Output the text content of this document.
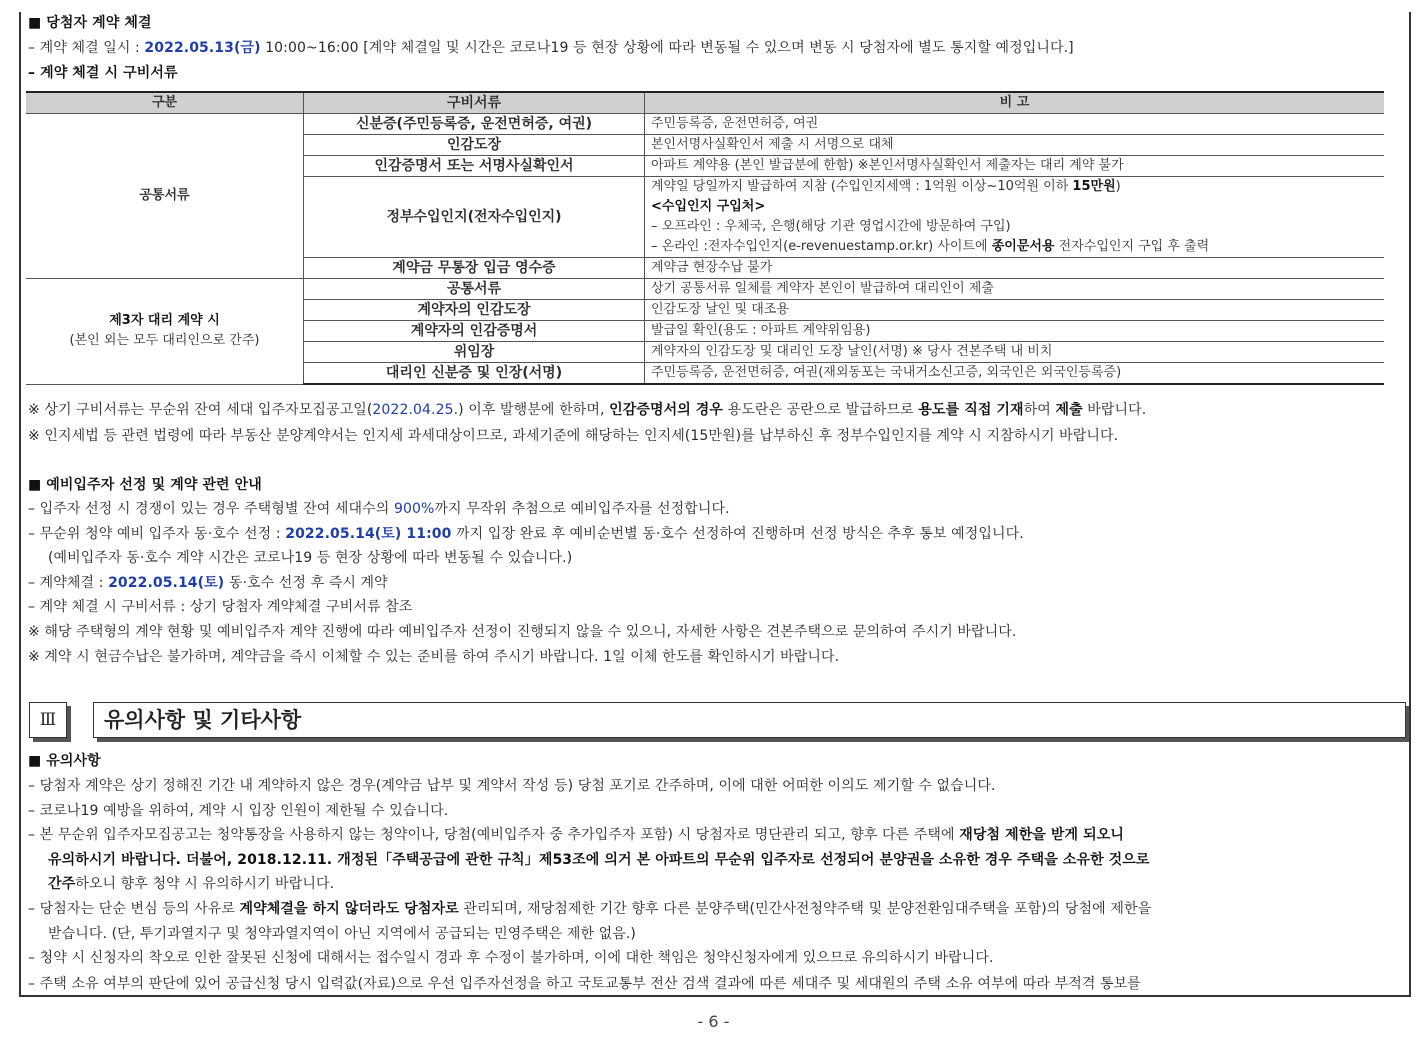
■ 당첨자 계약 체결
– 계약 체결 일시 : 2022.05.13(금) 10:00~16:00 [계약 체결일 및 시간은 코로나19 등 현장 상황에 따라 변동될 수 있으며 변동 시 당첨자에 별도 통지할 예정입니다.]
– 계약 체결 시 구비서류
구분	구비서류	비 고
공통서류	신분증(주민등록증, 운전면허증, 여권)	주민등록증, 운전면허증, 여권
	인감도장	본인서명사실확인서 제출 시 서명으로 대체
	인감증명서 또는 서명사실확인서	아파트 계약용 (본인 발급분에 한함) ※본인서명사실확인서 제출자는 대리 계약 불가
	정부수입인지(전자수입인지)	계약일 당일까지 발급하여 지참 (수입인지세액 : 1억원 이상~10억원 이하 15만원)
		<수입인지 구입처>
		– 오프라인 : 우체국, 은행(해당 기관 영업시간에 방문하여 구입)
		– 온라인 :전자수입인지(e-revenuestamp.or.kr) 사이트에 종이문서용 전자수입인지 구입 후 출력
	계약금 무통장 입금 영수증	계약금 현장수납 불가

제3자 대리 계약 시
(본인 외는 모두 대리인으로 간주)	공통서류	상기 공통서류 일체를 계약자 본인이 발급하여 대리인이 제출
	계약자의 인감도장	인감도장 날인 및 대조용
	계약자의 인감증명서	발급일 확인(용도 : 아파트 계약위임용)
	위임장	계약자의 인감도장 및 대리인 도장 날인(서명) ※ 당사 견본주택 내 비치
	대리인 신분증 및 인장(서명)	주민등록증, 운전면허증, 여권(재외동포는 국내거소신고증, 외국인은 외국인등록증)
※ 상기 구비서류는 무순위 잔여 세대 입주자모집공고일(2022.04.25.) 이후 발행분에 한하며, 인감증명서의 경우 용도란은 공란으로 발급하므로 용도를 직접 기재하여 제출 바랍니다.
※ 인지세법 등 관련 법령에 따라 부동산 분양계약서는 인지세 과세대상이므로, 과세기준에 해당하는 인지세(15만원)를 납부하신 후 정부수입인지를 계약 시 지참하시기 바랍니다.
■ 예비입주자 선정 및 계약 관련 안내
– 입주자 선정 시 경쟁이 있는 경우 주택형별 잔여 세대수의 900%까지 무작위 추첨으로 예비입주자를 선정합니다.
– 무순위 청약 예비 입주자 동·호수 선정 : 2022.05.14(토) 11:00 까지 입장 완료 후 예비순번별 동·호수 선정하여 진행하며 선정 방식은 추후 통보 예정입니다.
(예비입주자 동·호수 계약 시간은 코로나19 등 현장 상황에 따라 변동될 수 있습니다.)
– 계약체결 : 2022.05.14(토) 동·호수 선정 후 즉시 계약
– 계약 체결 시 구비서류 : 상기 당첨자 계약체결 구비서류 참조
※ 해당 주택형의 계약 현황 및 예비입주자 계약 진행에 따라 예비입주자 선정이 진행되지 않을 수 있으니, 자세한 사항은 견본주택으로 문의하여 주시기 바랍니다.
※ 계약 시 현금수납은 불가하며, 계약금을 즉시 이체할 수 있는 준비를 하여 주시기 바랍니다. 1일 이체 한도를 확인하시기 바랍니다.
Ⅲ	유의사항 및 기타사항
■ 유의사항
– 당첨자 계약은 상기 정해진 기간 내 계약하지 않은 경우(계약금 납부 및 계약서 작성 등) 당첨 포기로 간주하며, 이에 대한 어떠한 이의도 제기할 수 없습니다.
– 코로나19 예방을 위하여, 계약 시 입장 인원이 제한될 수 있습니다.
– 본 무순위 입주자모집공고는 청약통장을 사용하지 않는 청약이나, 당첨(예비입주자 중 추가입주자 포함) 시 당첨자로 명단관리 되고, 향후 다른 주택에 재당첨 제한을 받게 되오니
유의하시기 바랍니다. 더불어, 2018.12.11. 개정된「주택공급에 관한 규칙」제53조에 의거 본 아파트의 무순위 입주자로 선정되어 분양권을 소유한 경우 주택을 소유한 것으로
간주하오니 향후 청약 시 유의하시기 바랍니다.
– 당첨자는 단순 변심 등의 사유로 계약체결을 하지 않더라도 당첨자로 관리되며, 재당첨제한 기간 향후 다른 분양주택(민간사전청약주택 및 분양전환임대주택을 포함)의 당첨에 제한을
받습니다. (단, 투기과열지구 및 청약과열지역이 아닌 지역에서 공급되는 민영주택은 제한 없음.)
– 청약 시 신청자의 착오로 인한 잘못된 신청에 대해서는 접수일시 경과 후 수정이 불가하며, 이에 대한 책임은 청약신청자에게 있으므로 유의하시기 바랍니다.
– 주택 소유 여부의 판단에 있어 공급신청 당시 입력값(자료)으로 우선 입주자선정을 하고 국토교통부 전산 검색 결과에 따른 세대주 및 세대원의 주택 소유 여부에 따라 부적격 통보를
- 6 -
